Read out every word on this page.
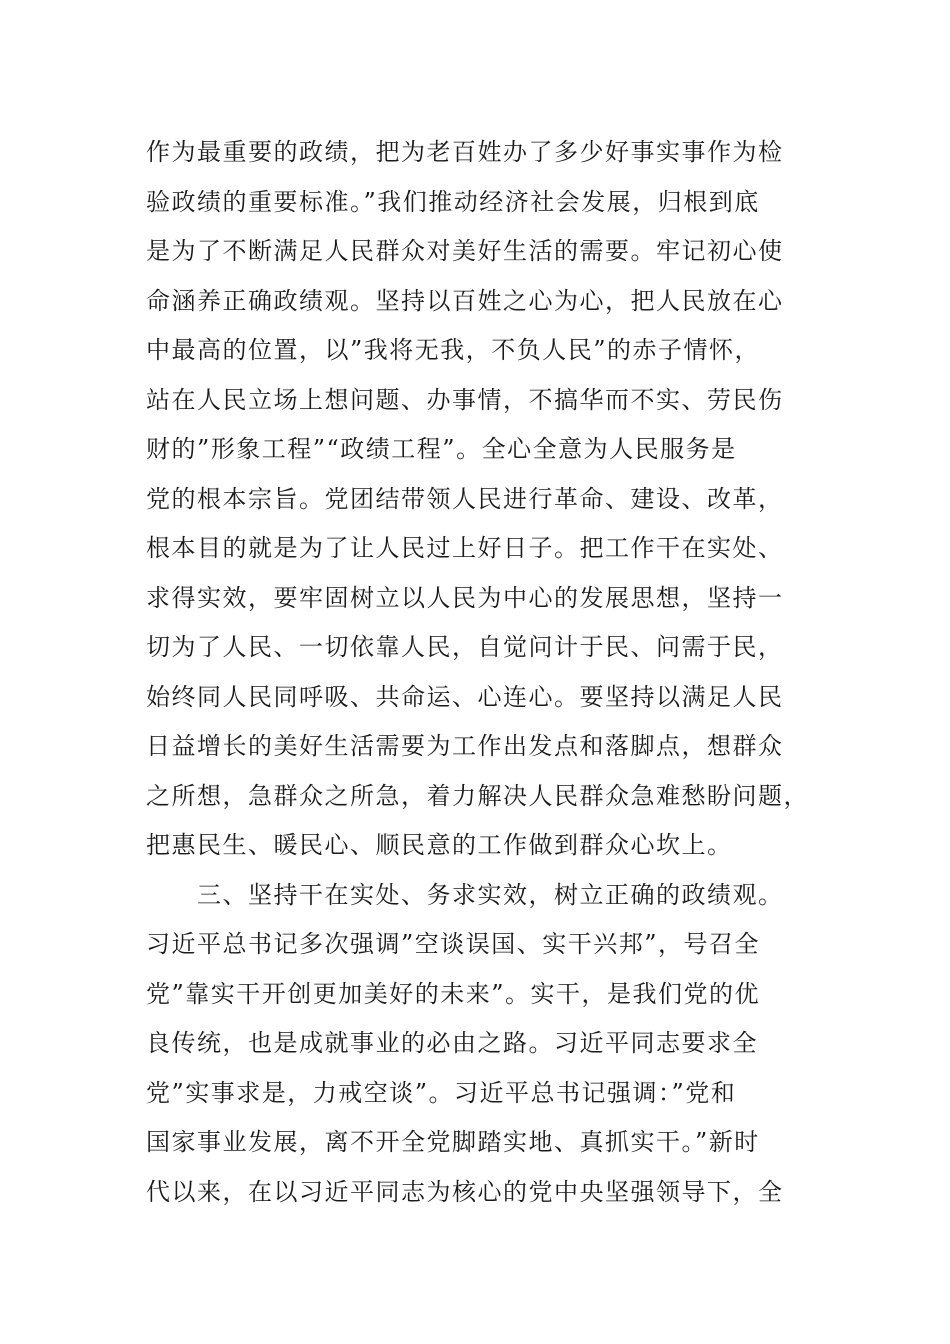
作为最重要的政绩，把为老百姓办了多少好事实事作为检
验政绩的重要标准。”我们推动经济社会发展，归根到底
是为了不断满足人民群众对美好生活的需要。牢记初心使
命涵养正确政绩观。坚持以百姓之心为心，把人民放在心
中最高的位置，以”我将无我，不负人民”的赤子情怀，
站在人民立场上想问题、办事情，不搞华而不实、劳民伤
财的”形象工程”“政绩工程”。全心全意为人民服务是
党的根本宗旨。党团结带领人民进行革命、建设、改革，
根本目的就是为了让人民过上好日子。把工作干在实处、
求得实效，要牢固树立以人民为中心的发展思想，坚持一
切为了人民、一切依靠人民，自觉问计于民、问需于民，
始终同人民同呼吸、共命运、心连心。要坚持以满足人民
日益增长的美好生活需要为工作出发点和落脚点，想群众
之所想，急群众之所急，着力解决人民群众急难愁盼问题，
把惠民生、暖民心、顺民意的工作做到群众心坎上。
三、坚持干在实处、务求实效，树立正确的政绩观。
习近平总书记多次强调”空谈误国、实干兴邦”，号召全
党”靠实干开创更加美好的未来”。实干，是我们党的优
良传统，也是成就事业的必由之路。习近平同志要求全
党”实事求是，力戒空谈”。习近平总书记强调：”党和
国家事业发展，离不开全党脚踏实地、真抓实干。”新时
代以来，在以习近平同志为核心的党中央坚强领导下，全
